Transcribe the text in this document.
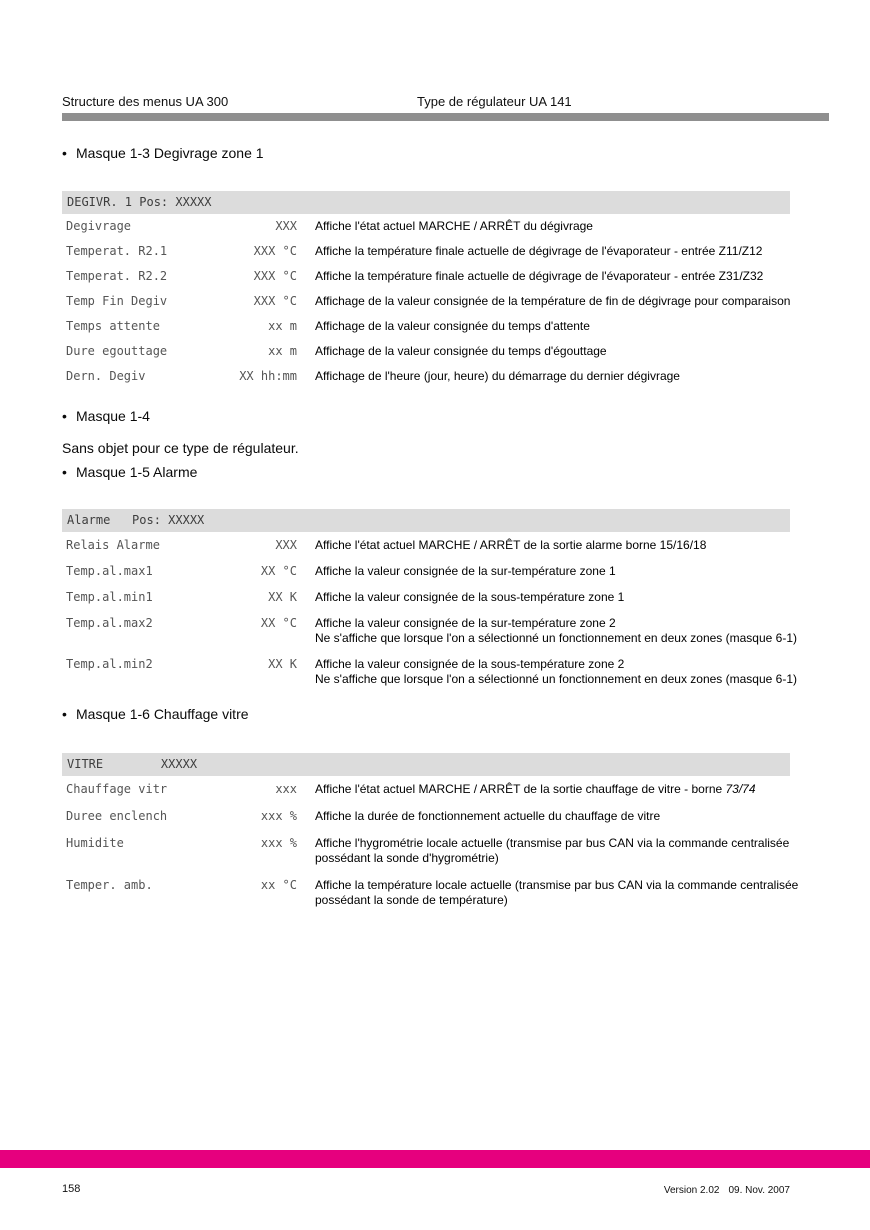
Structure des menus UA 300	Type de régulateur UA 141
• Masque 1-3 Degivrage zone 1
DEGIVR. 1 Pos: XXXXX
Degivrage	XXX Affiche l'état actuel MARCHE / ARRÊT du dégivrage
Temperat. R2.1	XXX °C Affiche la température finale actuelle de dégivrage de l'évaporateur - entrée Z11/Z12
Temperat. R2.2	XXX °C Affiche la température finale actuelle de dégivrage de l'évaporateur - entrée Z31/Z32
Temp Fin Degiv	XXX °C Affichage de la valeur consignée de la température de fin de dégivrage pour comparaison
Temps attente	xx m Affichage de la valeur consignée du temps d'attente
Dure egouttage	xx m Affichage de la valeur consignée du temps d'égouttage
Dern. Degiv	XX hh:mm Affichage de l'heure (jour, heure) du démarrage du dernier dégivrage
• Masque 1-4
Sans objet pour ce type de régulateur.
• Masque 1-5 Alarme
Alarme   Pos: XXXXX
Relais Alarme	XXX Affiche l'état actuel MARCHE / ARRÊT de la sortie alarme borne 15/16/18
Temp.al.max1	XX °C Affiche la valeur consignée de la sur-température zone 1
Temp.al.min1	XX K Affiche la valeur consignée de la sous-température zone 1
Temp.al.max2	XX °C Affiche la valeur consignée de la sur-température zone 2
Ne s'affiche que lorsque l'on a sélectionné un fonctionnement en deux zones (masque 6-1)
Temp.al.min2	XX K Affiche la valeur consignée de la sous-température zone 2
Ne s'affiche que lorsque l'on a sélectionné un fonctionnement en deux zones (masque 6-1)
• Masque 1-6 Chauffage vitre
VITRE        XXXXX
Chauffage vitr	xxx Affiche l'état actuel MARCHE / ARRÊT de la sortie chauffage de vitre - borne 73/74
Duree enclench	xxx % Affiche la durée de fonctionnement actuelle du chauffage de vitre
Humidite	xxx % Affiche l'hygrométrie locale actuelle (transmise par bus CAN via la commande centralisée
possédant la sonde d'hygrométrie)
Temper. amb.	xx °C Affiche la température locale actuelle (transmise par bus CAN via la commande centralisée
possédant la sonde de température)
158	Version 2.02 09. Nov. 2007
